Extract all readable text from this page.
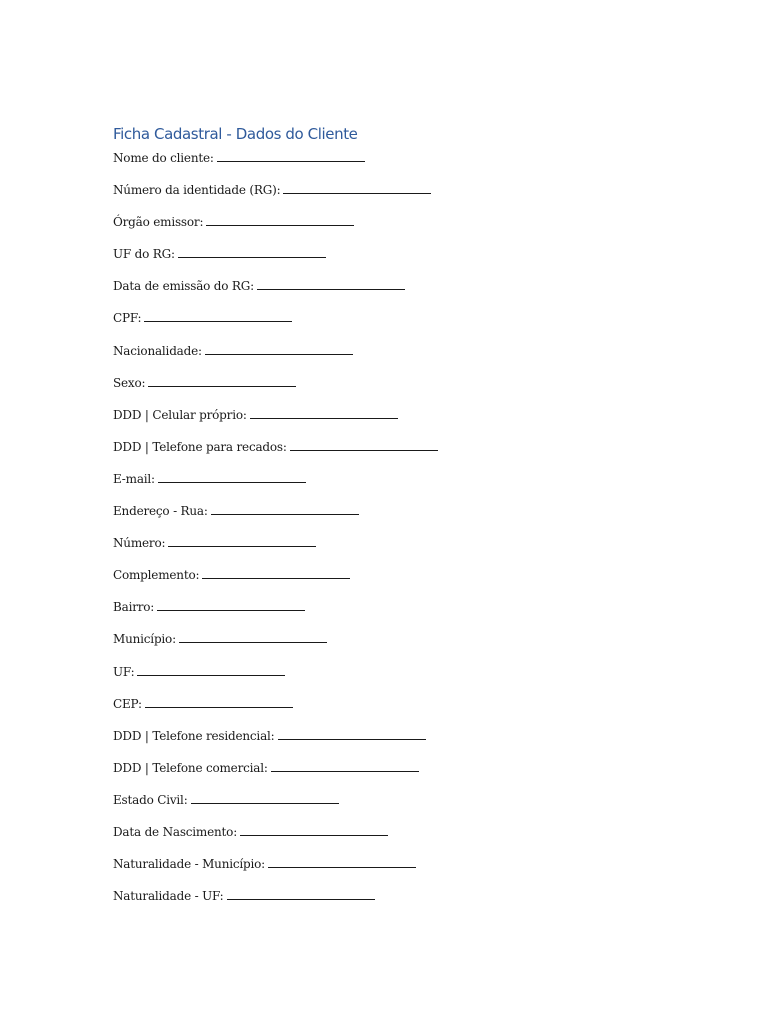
Ficha Cadastral - Dados do Cliente
Nome do cliente:
Número da identidade (RG):
Órgão emissor:
UF do RG:
Data de emissão do RG:
CPF:
Nacionalidade:
Sexo:
DDD | Celular próprio:
DDD | Telefone para recados:
E-mail:
Endereço - Rua:
Número:
Complemento:
Bairro:
Município:
UF:
CEP:
DDD | Telefone residencial:
DDD | Telefone comercial:
Estado Civil:
Data de Nascimento:
Naturalidade - Município:
Naturalidade - UF:
